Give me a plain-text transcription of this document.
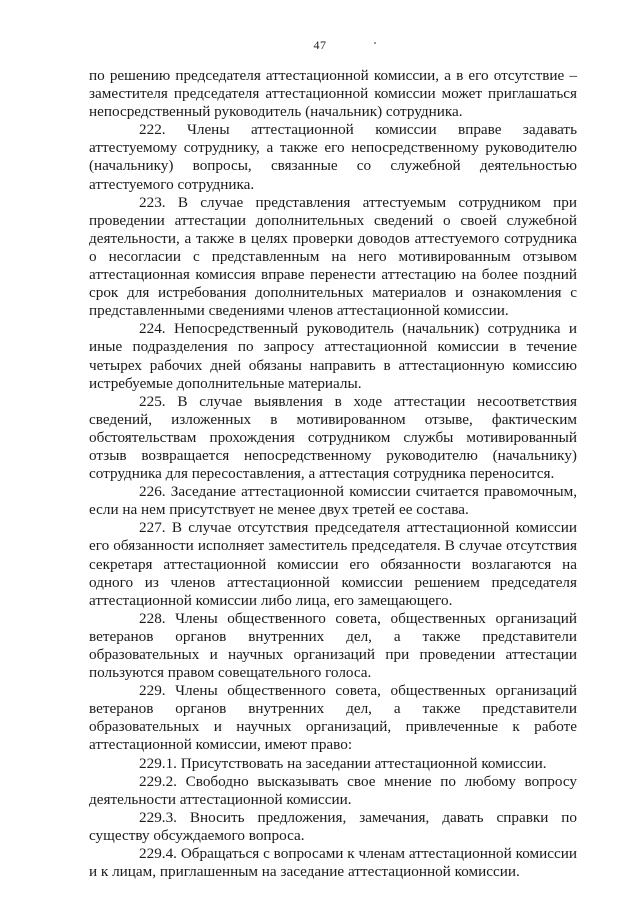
47

по решению председателя аттестационной комиссии, а в его отсутствие – заместителя председателя аттестационной комиссии может приглашаться непосредственный руководитель (начальник) сотрудника.

222. Члены аттестационной комиссии вправе задавать аттестуемому сотруднику, а также его непосредственному руководителю (начальнику) вопросы, связанные со служебной деятельностью аттестуемого сотрудника.

223. В случае представления аттестуемым сотрудником при проведении аттестации дополнительных сведений о своей служебной деятельности, а также в целях проверки доводов аттестуемого сотрудника о несогласии с представленным на него мотивированным отзывом аттестационная комиссия вправе перенести аттестацию на более поздний срок для истребования дополнительных материалов и ознакомления с представленными сведениями членов аттестационной комиссии.

224. Непосредственный руководитель (начальник) сотрудника и иные подразделения по запросу аттестационной комиссии в течение четырех рабочих дней обязаны направить в аттестационную комиссию истребуемые дополнительные материалы.

225. В случае выявления в ходе аттестации несоответствия сведений, изложенных в мотивированном отзыве, фактическим обстоятельствам прохождения сотрудником службы мотивированный отзыв возвращается непосредственному руководителю (начальнику) сотрудника для пересоставления, а аттестация сотрудника переносится.

226. Заседание аттестационной комиссии считается правомочным, если на нем присутствует не менее двух третей ее состава.

227. В случае отсутствия председателя аттестационной комиссии его обязанности исполняет заместитель председателя. В случае отсутствия секретаря аттестационной комиссии его обязанности возлагаются на одного из членов аттестационной комиссии решением председателя аттестационной комиссии либо лица, его замещающего.

228. Члены общественного совета, общественных организаций ветеранов органов внутренних дел, а также представители образовательных и научных организаций при проведении аттестации пользуются правом совещательного голоса.

229. Члены общественного совета, общественных организаций ветеранов органов внутренних дел, а также представители образовательных и научных организаций, привлеченные к работе аттестационной комиссии, имеют право:

229.1. Присутствовать на заседании аттестационной комиссии.

229.2. Свободно высказывать свое мнение по любому вопросу деятельности аттестационной комиссии.

229.3. Вносить предложения, замечания, давать справки по существу обсуждаемого вопроса.

229.4. Обращаться с вопросами к членам аттестационной комиссии и к лицам, приглашенным на заседание аттестационной комиссии.
